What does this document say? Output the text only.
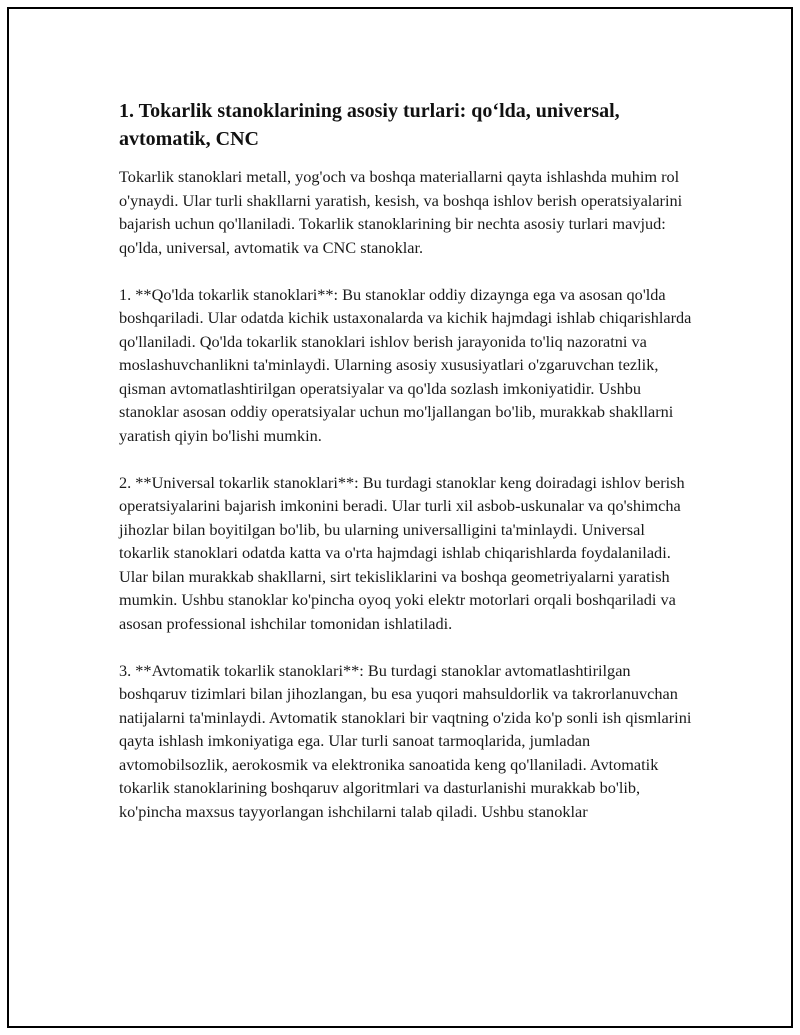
1. Tokarlik stanoklarining asosiy turlari: qo‘lda, universal, avtomatik, CNC

Tokarlik stanoklari metall, yog'och va boshqa materiallarni qayta ishlashda muhim rol o'ynaydi. Ular turli shakllarni yaratish, kesish, va boshqa ishlov berish operatsiyalarini bajarish uchun qo'llaniladi. Tokarlik stanoklarining bir nechta asosiy turlari mavjud: qo'lda, universal, avtomatik va CNC stanoklar.

1. **Qo'lda tokarlik stanoklari**: Bu stanoklar oddiy dizaynga ega va asosan qo'lda boshqariladi. Ular odatda kichik ustaxonalarda va kichik hajmdagi ishlab chiqarishlarda qo'llaniladi. Qo'lda tokarlik stanoklari ishlov berish jarayonida to'liq nazoratni va moslashuvchanlikni ta'minlaydi. Ularning asosiy xususiyatlari o'zgaruvchan tezlik, qisman avtomatlashtirilgan operatsiyalar va qo'lda sozlash imkoniyatidir. Ushbu stanoklar asosan oddiy operatsiyalar uchun mo'ljallangan bo'lib, murakkab shakllarni yaratish qiyin bo'lishi mumkin.

2. **Universal tokarlik stanoklari**: Bu turdagi stanoklar keng doiradagi ishlov berish operatsiyalarini bajarish imkonini beradi. Ular turli xil asbob-uskunalar va qo'shimcha jihozlar bilan boyitilgan bo'lib, bu ularning universalligini ta'minlaydi. Universal tokarlik stanoklari odatda katta va o'rta hajmdagi ishlab chiqarishlarda foydalaniladi. Ular bilan murakkab shakllarni, sirt tekisliklarini va boshqa geometriyalarni yaratish mumkin. Ushbu stanoklar ko'pincha oyoq yoki elektr motorlari orqali boshqariladi va asosan professional ishchilar tomonidan ishlatiladi.

3. **Avtomatik tokarlik stanoklari**: Bu turdagi stanoklar avtomatlashtirilgan boshqaruv tizimlari bilan jihozlangan, bu esa yuqori mahsuldorlik va takrorlanuvchan natijalarni ta'minlaydi. Avtomatik stanoklari bir vaqtning o'zida ko'p sonli ish qismlarini qayta ishlash imkoniyatiga ega. Ular turli sanoat tarmoqlarida, jumladan avtomobilsozlik, aerokosmik va elektronika sanoatida keng qo'llaniladi. Avtomatik tokarlik stanoklarining boshqaruv algoritmlari va dasturlanishi murakkab bo'lib, ko'pincha maxsus tayyorlangan ishchilarni talab qiladi. Ushbu stanoklar
